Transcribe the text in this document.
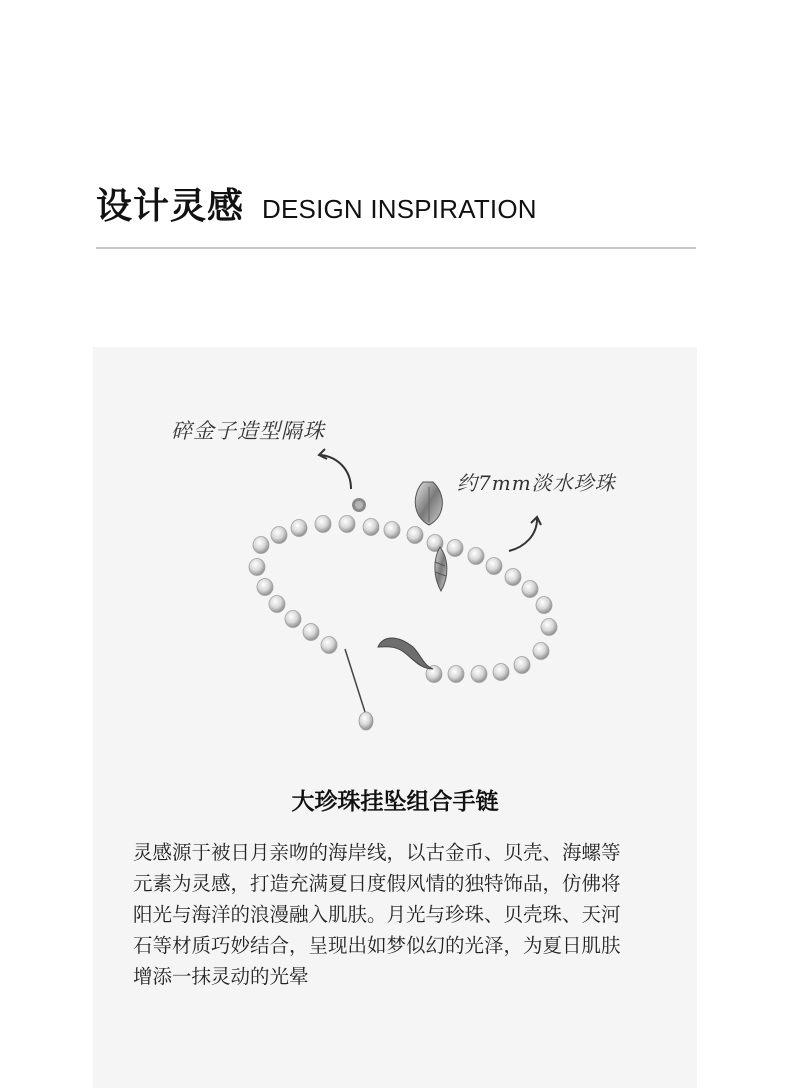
设计灵感 DESIGN INSPIRATION
碎金子造型隔珠
约7mm淡水珍珠
大珍珠挂坠组合手链
灵感源于被日月亲吻的海岸线，以古金币、贝壳、海螺等
元素为灵感，打造充满夏日度假风情的独特饰品，仿佛将
阳光与海洋的浪漫融入肌肤。月光与珍珠、贝壳珠、天河
石等材质巧妙结合，呈现出如梦似幻的光泽，为夏日肌肤
增添一抹灵动的光晕
